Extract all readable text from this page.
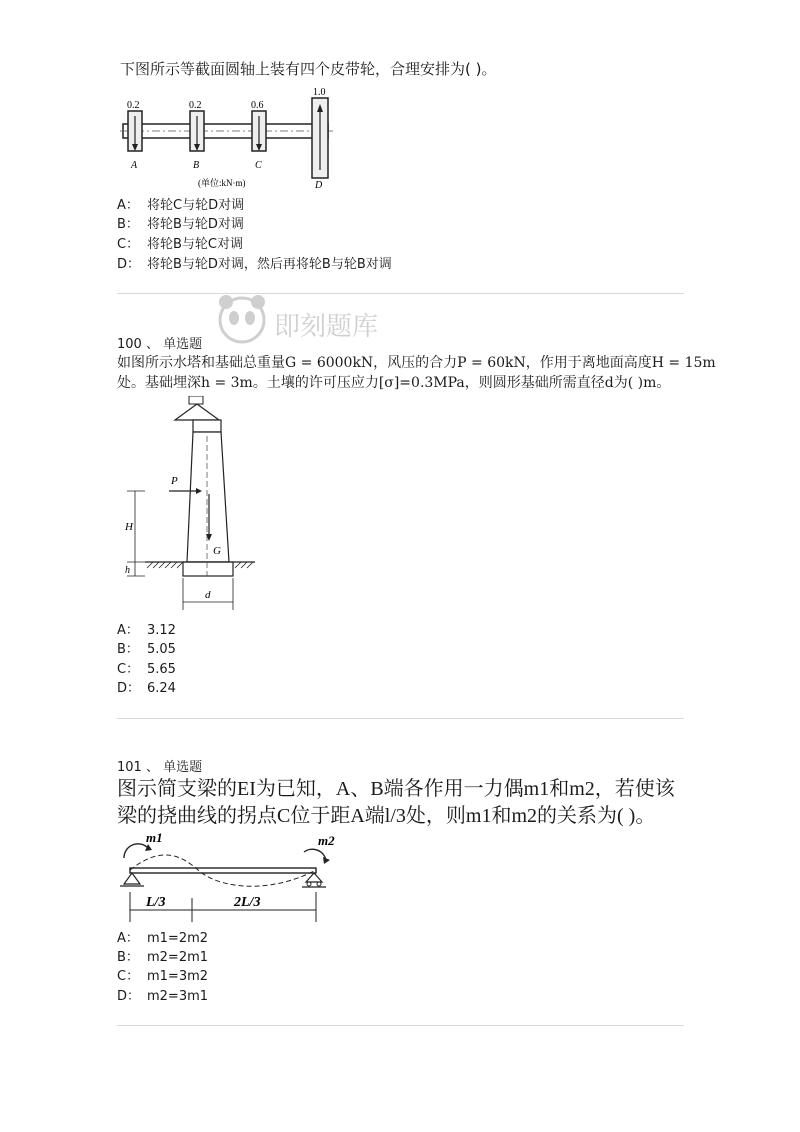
下图所示等截面圆轴上装有四个皮带轮，合理安排为( )。
0.2	0.2	0.6
1.0
A	B	C
D
(单位:kN·m)
A： 将轮C与轮D对调
B： 将轮B与轮D对调
C： 将轮B与轮C对调
D： 将轮B与轮D对调，然后再将轮B与轮B对调
即刻题库
100 、 单选题
如图所示水塔和基础总重量G = 6000kN，风压的合力P = 60kN，作用于离地面高度H = 15m
处。基础埋深h = 3m。土壤的许可压应力[σ]=0.3MPa，则圆形基础所需直径d为( )m。
P
G
H
h
d
A： 3.12
B： 5.05
C： 5.65
D： 6.24
101 、 单选题
图示简支梁的EI为已知，A、B端各作用一力偶m1和m2，若使该
梁的挠曲线的拐点C位于距A端l/3处，则m1和m2的关系为( )。
m1	m2
L/3	2L/3
A： m1=2m2
B： m2=2m1
C： m1=3m2
D： m2=3m1
